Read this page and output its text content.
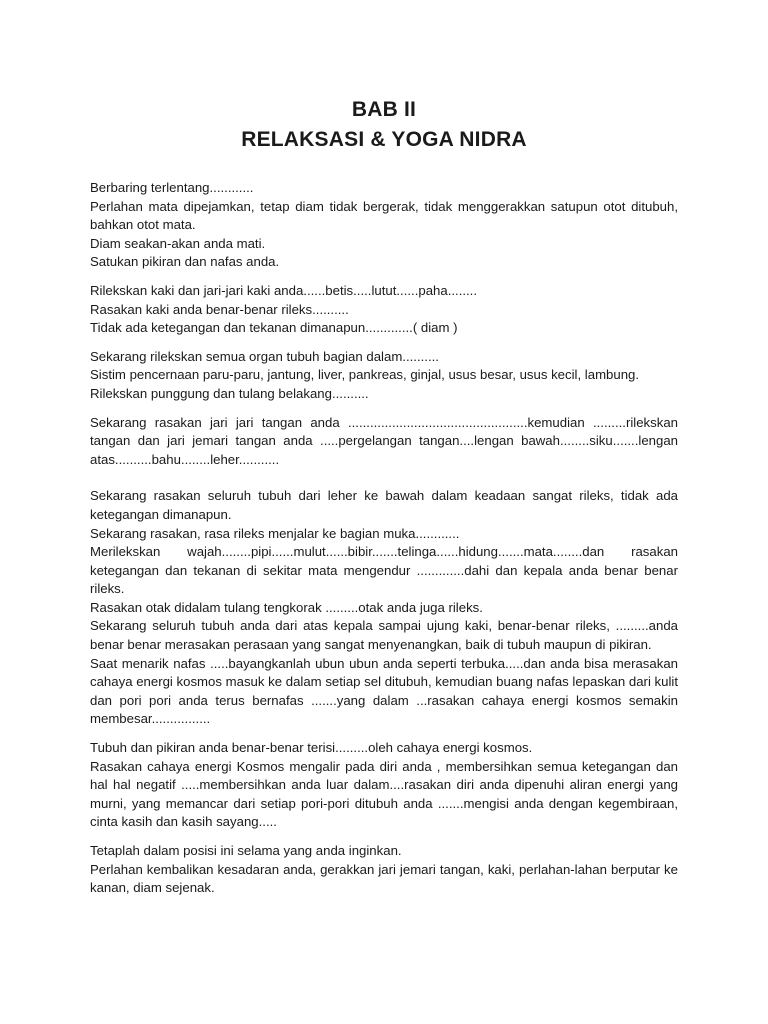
BAB II
RELAKSASI & YOGA NIDRA

Berbaring terlentang............

Perlahan mata dipejamkan, tetap diam tidak bergerak, tidak menggerakkan satupun otot ditubuh, bahkan otot mata.

Diam seakan-akan anda mati.

Satukan pikiran dan nafas anda.

Rilekskan kaki dan jari-jari kaki anda......betis.....lutut......paha........

Rasakan kaki anda benar-benar rileks..........

Tidak ada ketegangan dan tekanan dimanapun.............( diam )

Sekarang rilekskan semua organ tubuh bagian dalam..........

Sistim pencernaan paru-paru, jantung, liver, pankreas, ginjal, usus besar, usus kecil, lambung.

Rilekskan punggung dan tulang belakang..........

Sekarang rasakan jari jari tangan anda .................................................kemudian .........rilekskan tangan dan jari jemari tangan anda .....pergelangan tangan....lengan bawah........siku.......lengan atas..........bahu........leher...........

Sekarang rasakan seluruh tubuh dari leher ke bawah dalam keadaan sangat rileks, tidak ada ketegangan dimanapun.

Sekarang rasakan, rasa rileks menjalar ke bagian muka............

Merilekskan wajah........pipi......mulut......bibir.......telinga......hidung.......mata........dan rasakan ketegangan dan tekanan di sekitar mata mengendur .............dahi dan kepala anda benar benar rileks.

Rasakan otak didalam tulang tengkorak .........otak anda juga rileks.

Sekarang seluruh tubuh anda dari atas kepala sampai ujung kaki, benar-benar rileks, .........anda benar benar merasakan perasaan yang sangat menyenangkan, baik di tubuh maupun di pikiran.

Saat menarik nafas .....bayangkanlah ubun ubun anda seperti terbuka.....dan anda bisa merasakan cahaya energi kosmos masuk ke dalam setiap sel ditubuh, kemudian buang nafas lepaskan dari kulit dan pori pori anda terus bernafas .......yang dalam ...rasakan cahaya energi kosmos semakin membesar................

Tubuh dan pikiran anda benar-benar terisi.........oleh cahaya energi kosmos.

Rasakan cahaya energi Kosmos mengalir pada diri anda , membersihkan semua ketegangan dan hal hal negatif .....membersihkan anda luar dalam....rasakan diri anda dipenuhi aliran energi yang murni, yang memancar dari setiap pori-pori ditubuh anda .......mengisi anda dengan kegembiraan, cinta kasih dan kasih sayang.....

Tetaplah dalam posisi ini selama yang anda inginkan.

Perlahan kembalikan kesadaran anda, gerakkan jari jemari tangan, kaki, perlahan-lahan berputar ke kanan, diam sejenak.
